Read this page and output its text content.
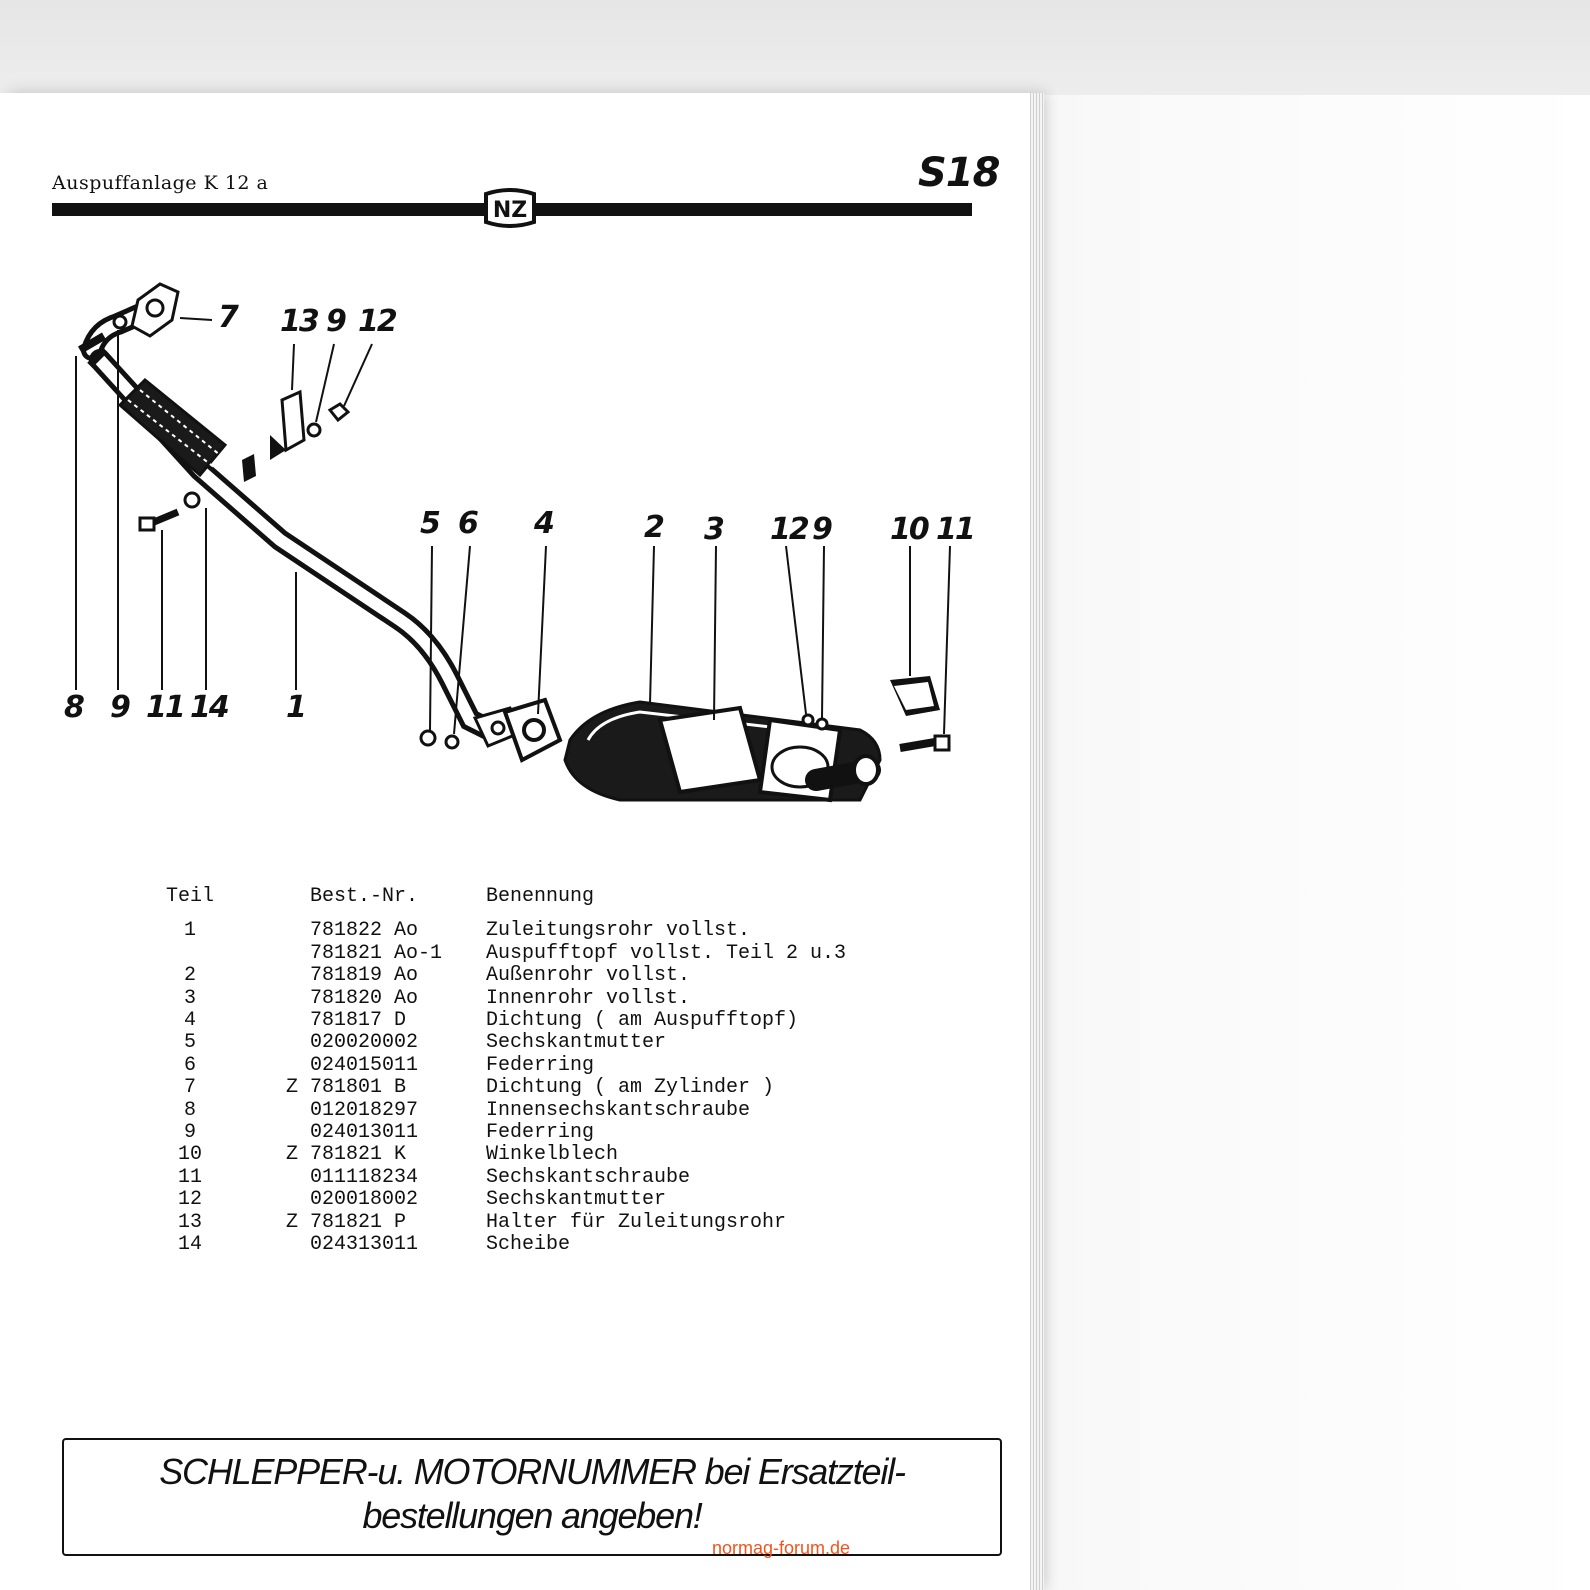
Auspuffanlage K 12 a	S18
NZ
7 13 9 12
5 6 4	2 3 12 9 10 11
8 9 11 14 1
Teil		Best.-Nr.	Benennung
1		781822 Ao	Zuleitungsrohr vollst.
		781821 Ao-1	Auspufftopf vollst. Teil 2 u.3
2		781819 Ao	Außenrohr vollst.
3		781820 Ao	Innenrohr vollst.
4		781817 D	Dichtung ( am Auspufftopf)
5		020020002	Sechskantmutter
6		024015011	Federring
7	Z	781801 B	Dichtung ( am Zylinder )
8		012018297	Innensechskantschraube
9		024013011	Federring
10	Z	781821 K	Winkelblech
11		011118234	Sechskantschraube
12		020018002	Sechskantmutter
13	Z	781821 P	Halter für Zuleitungsrohr
14		024313011	Scheibe
SCHLEPPER-u. MOTORNUMMER bei Ersatzteil-
bestellungen angeben!
normag-forum.de
